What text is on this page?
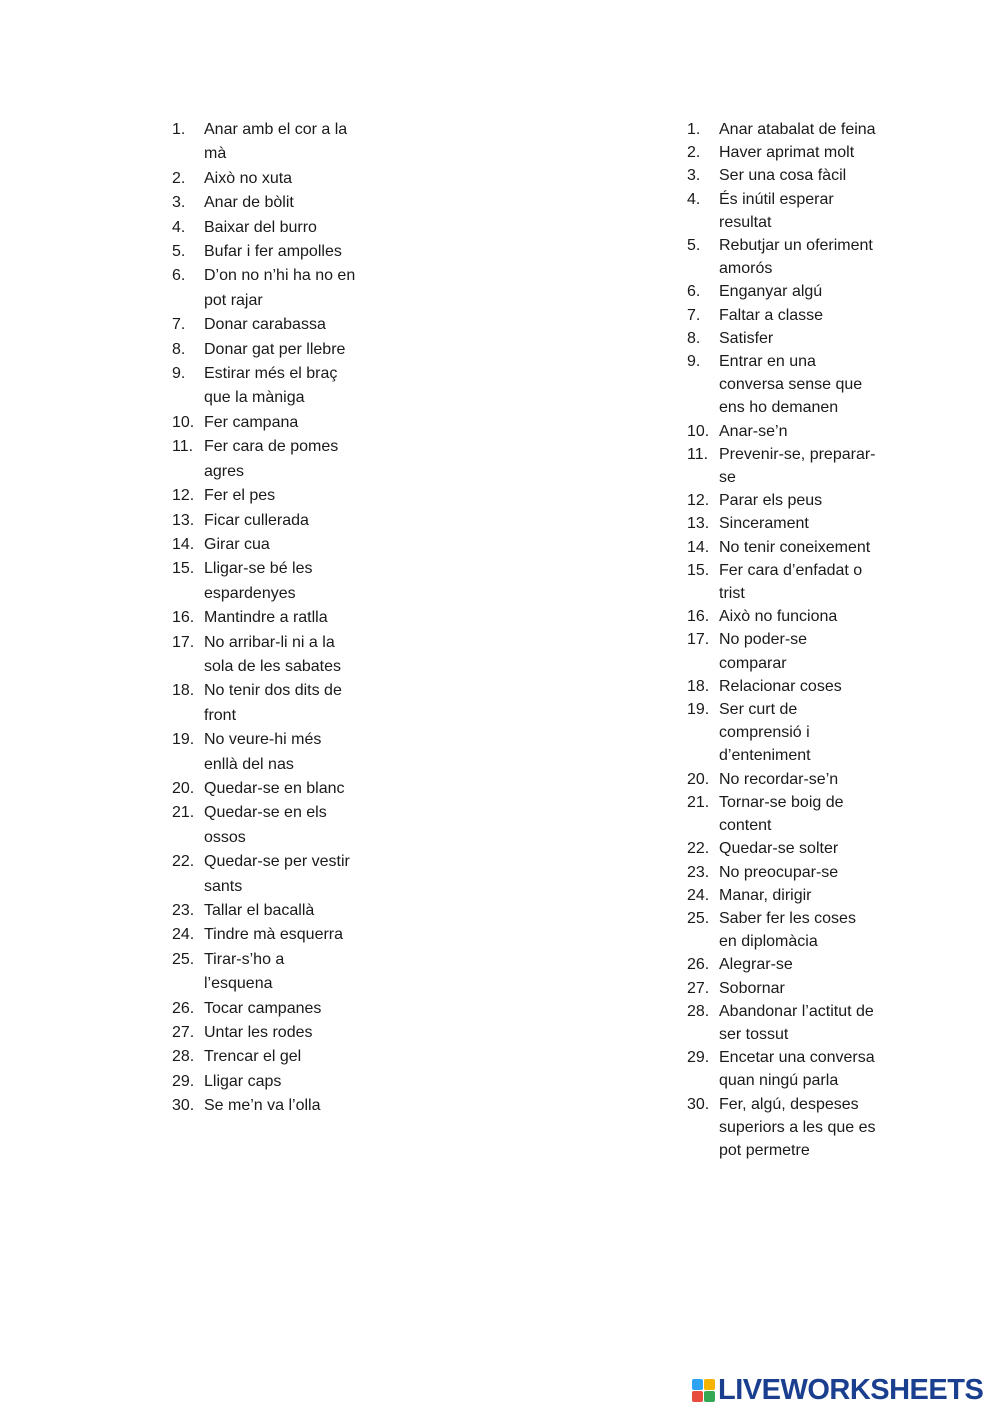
1.	Anar amb el cor a la mà
2.	Això no xuta
3.	Anar de bòlit
4.	Baixar del burro
5.	Bufar i fer ampolles
6.	D’on no n’hi ha no en pot rajar
7.	Donar carabassa
8.	Donar gat per llebre
9.	Estirar més el braç que la màniga
10. Fer campana
11. Fer cara de pomes agres
12. Fer el pes
13. Ficar cullerada
14. Girar cua
15. Lligar-se bé les espardenyes
16. Mantindre a ratlla
17. No arribar-li ni a la sola de les sabates
18. No tenir dos dits de front
19. No veure-hi més enllà del nas
20. Quedar-se en blanc
21. Quedar-se en els ossos
22. Quedar-se per vestir sants
23. Tallar el bacallà
24. Tindre mà esquerra
25. Tirar-s’ho a l’esquena
26. Tocar campanes
27. Untar les rodes
28. Trencar el gel
29. Lligar caps
30. Se me’n va l’olla
1.	Anar atabalat de feina
2.	Haver aprimat molt
3.	Ser una cosa fàcil
4.	És inútil esperar resultat
5.	Rebutjar un oferiment amorós
6.	Enganyar algú
7.	Faltar a classe
8.	Satisfer
9.	Entrar en una conversa sense que ens ho demanen
10. Anar-se’n
11. Prevenir-se, preparar-se
12. Parar els peus
13. Sincerament
14. No tenir coneixement
15. Fer cara d’enfadat o trist
16. Això no funciona
17. No poder-se comparar
18. Relacionar coses
19. Ser curt de comprensió i d’enteniment
20. No recordar-se’n
21. Tornar-se boig de content
22. Quedar-se solter
23. No preocupar-se
24. Manar, dirigir
25. Saber fer les coses en diplomàcia
26. Alegrar-se
27. Sobornar
28. Abandonar l’actitut de ser tossut
29. Encetar una conversa quan ningú parla
30. Fer, algú, despeses superiors a les que es pot permetre
LIVEWORKSHEETS
